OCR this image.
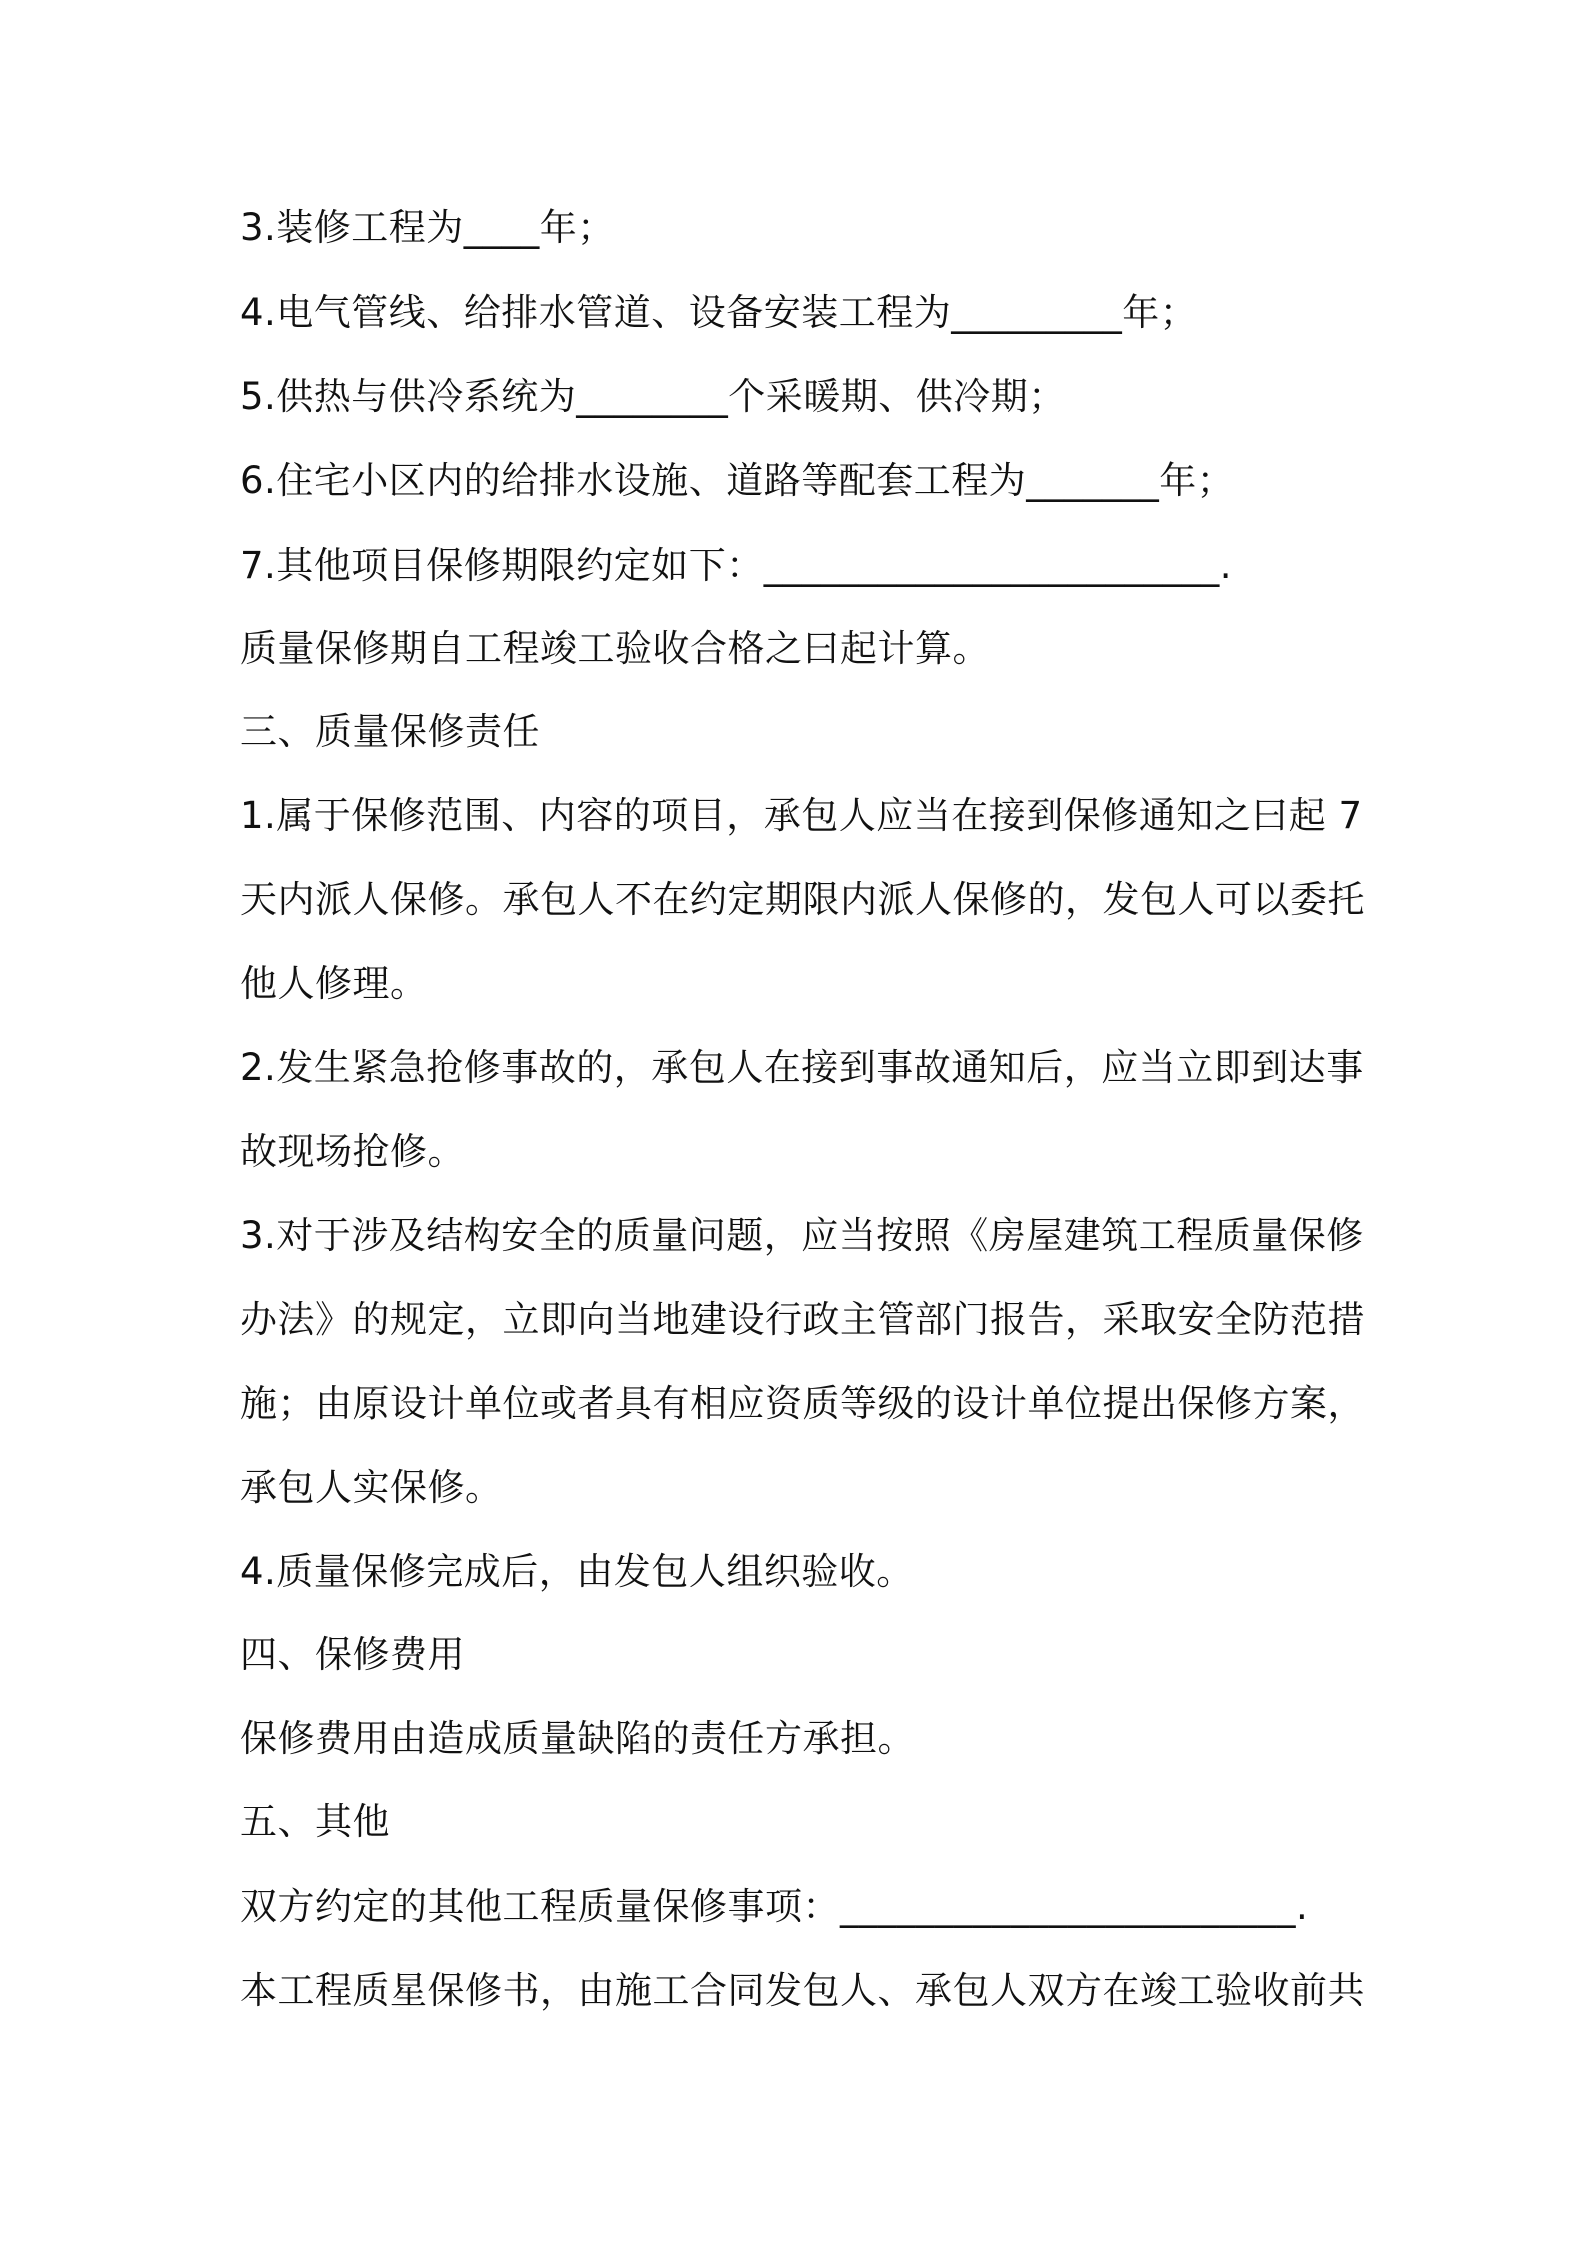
3.装修工程为____年；
4.电气管线、给排水管道、设备安装工程为_________年；
5.供热与供冷系统为________个采暖期、供冷期；
6.住宅小区内的给排水设施、道路等配套工程为_______年；
7.其他项目保修期限约定如下：________________________.
质量保修期自工程竣工验收合格之曰起计算。
三、质量保修责任
1.属于保修范围、内容的项目，承包人应当在接到保修通知之曰起 7
天内派人保修。承包人不在约定期限内派人保修的，发包人可以委托
他人修理。
2.发生紧急抢修事故的，承包人在接到事故通知后，应当立即到达事
故现场抢修。
3.对于涉及结构安全的质量问题，应当按照《房屋建筑工程质量保修
办法》的规定，立即向当地建设行政主管部门报告，采取安全防范措
施；由原设计单位或者具有相应资质等级的设计单位提出保修方案，
承包人实保修。
4.质量保修完成后，由发包人组织验收。
四、保修费用
保修费用由造成质量缺陷的责任方承担。
五、其他
双方约定的其他工程质量保修事项：________________________.
本工程质星保修书，由施工合同发包人、承包人双方在竣工验收前共
